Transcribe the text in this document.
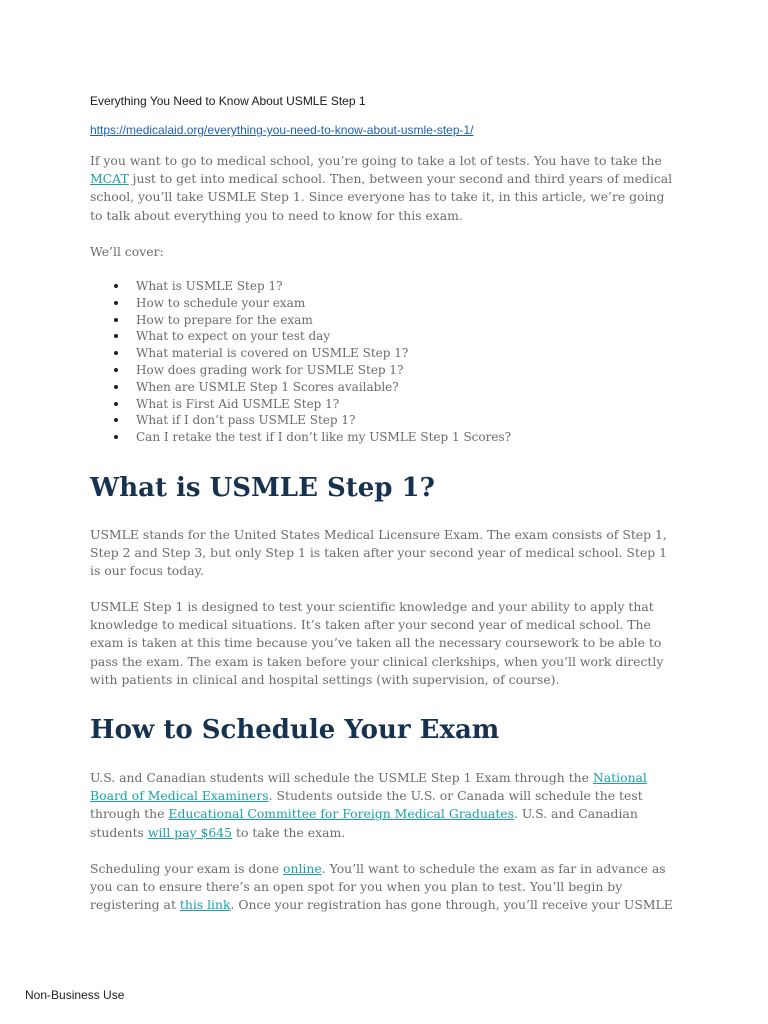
Everything You Need to Know About USMLE Step 1
https://medicalaid.org/everything-you-need-to-know-about-usmle-step-1/

If you want to go to medical school, you’re going to take a lot of tests. You have to take the MCAT just to get into medical school. Then, between your second and third years of medical school, you’ll take USMLE Step 1. Since everyone has to take it, in this article, we’re going to talk about everything you to need to know for this exam.

We’ll cover:

What is USMLE Step 1?
How to schedule your exam
How to prepare for the exam
What to expect on your test day
What material is covered on USMLE Step 1?
How does grading work for USMLE Step 1?
When are USMLE Step 1 Scores available?
What is First Aid USMLE Step 1?
What if I don’t pass USMLE Step 1?
Can I retake the test if I don’t like my USMLE Step 1 Scores?
What is USMLE Step 1?

USMLE stands for the United States Medical Licensure Exam. The exam consists of Step 1, Step 2 and Step 3, but only Step 1 is taken after your second year of medical school. Step 1 is our focus today.

USMLE Step 1 is designed to test your scientific knowledge and your ability to apply that knowledge to medical situations. It’s taken after your second year of medical school. The exam is taken at this time because you’ve taken all the necessary coursework to be able to pass the exam. The exam is taken before your clinical clerkships, when you’ll work directly with patients in clinical and hospital settings (with supervision, of course).

How to Schedule Your Exam

U.S. and Canadian students will schedule the USMLE Step 1 Exam through the National Board of Medical Examiners. Students outside the U.S. or Canada will schedule the test through the Educational Committee for Foreign Medical Graduates. U.S. and Canadian students will pay $645 to take the exam.

Scheduling your exam is done online. You’ll want to schedule the exam as far in advance as you can to ensure there’s an open spot for you when you plan to test. You’ll begin by registering at this link. Once your registration has gone through, you’ll receive your USMLE

Non-Business Use
